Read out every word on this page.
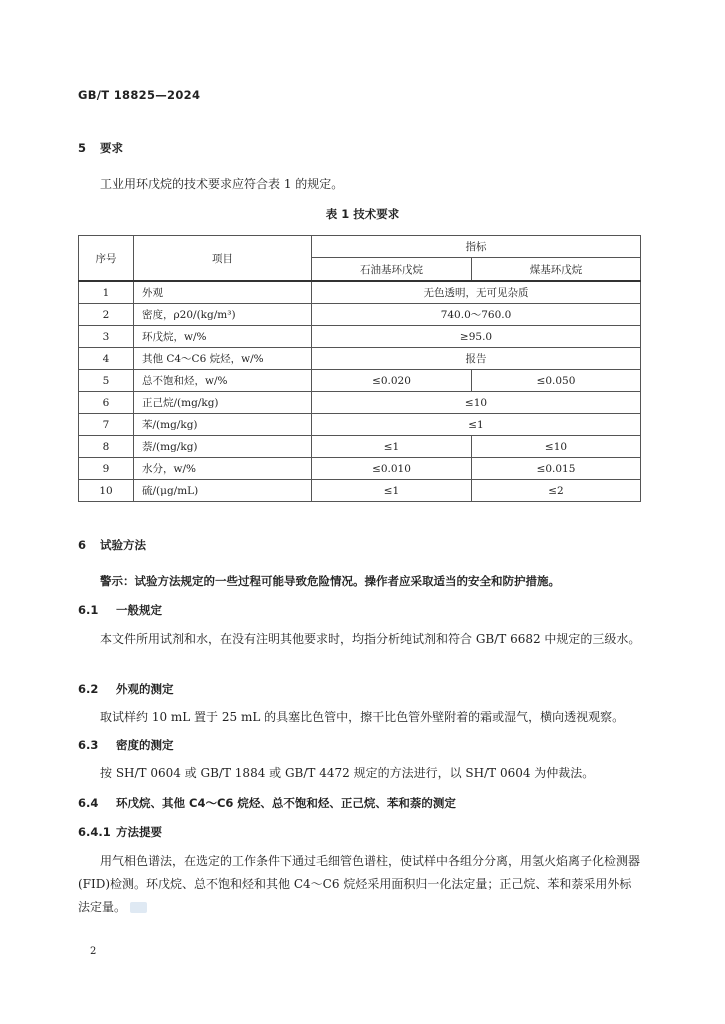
GB/T 18825—2024
5 要求

工业用环戊烷的技术要求应符合表 1 的规定。

表 1 技术要求
序号	项目	指标	
		石油基环戊烷	煤基环戊烷
1	外观	无色透明，无可见杂质	
2	密度，ρ20/(kg/m³)	740.0～760.0	
3	环戊烷，w/%	≥95.0	
4	其他 C4～C6 烷烃，w/%	报告	
5	总不饱和烃，w/%	≤0.020	≤0.050
6	正己烷/(mg/kg)	≤10	
7	苯/(mg/kg)	≤1	
8	萘/(mg/kg)	≤1	≤10
9	水分，w/%	≤0.010	≤0.015
10	硫/(μg/mL)	≤1	≤2
6 试验方法

警示：试验方法规定的一些过程可能导致危险情况。操作者应采取适当的安全和防护措施。

6.1 一般规定

本文件所用试剂和水，在没有注明其他要求时，均指分析纯试剂和符合 GB/T 6682 中规定的三级水。

6.2 外观的测定

取试样约 10 mL 置于 25 mL 的具塞比色管中，擦干比色管外壁附着的霜或湿气，横向透视观察。

6.3 密度的测定

按 SH/T 0604 或 GB/T 1884 或 GB/T 4472 规定的方法进行，以 SH/T 0604 为仲裁法。

6.4 环戊烷、其他 C4～C6 烷烃、总不饱和烃、正己烷、苯和萘的测定
6.4.1 方法提要

用气相色谱法，在选定的工作条件下通过毛细管色谱柱，使试样中各组分分离，用氢火焰离子化检测器(FID)检测。环戊烷、总不饱和烃和其他 C4～C6 烷烃采用面积归一化法定量；正己烷、苯和萘采用外标法定量。

2
